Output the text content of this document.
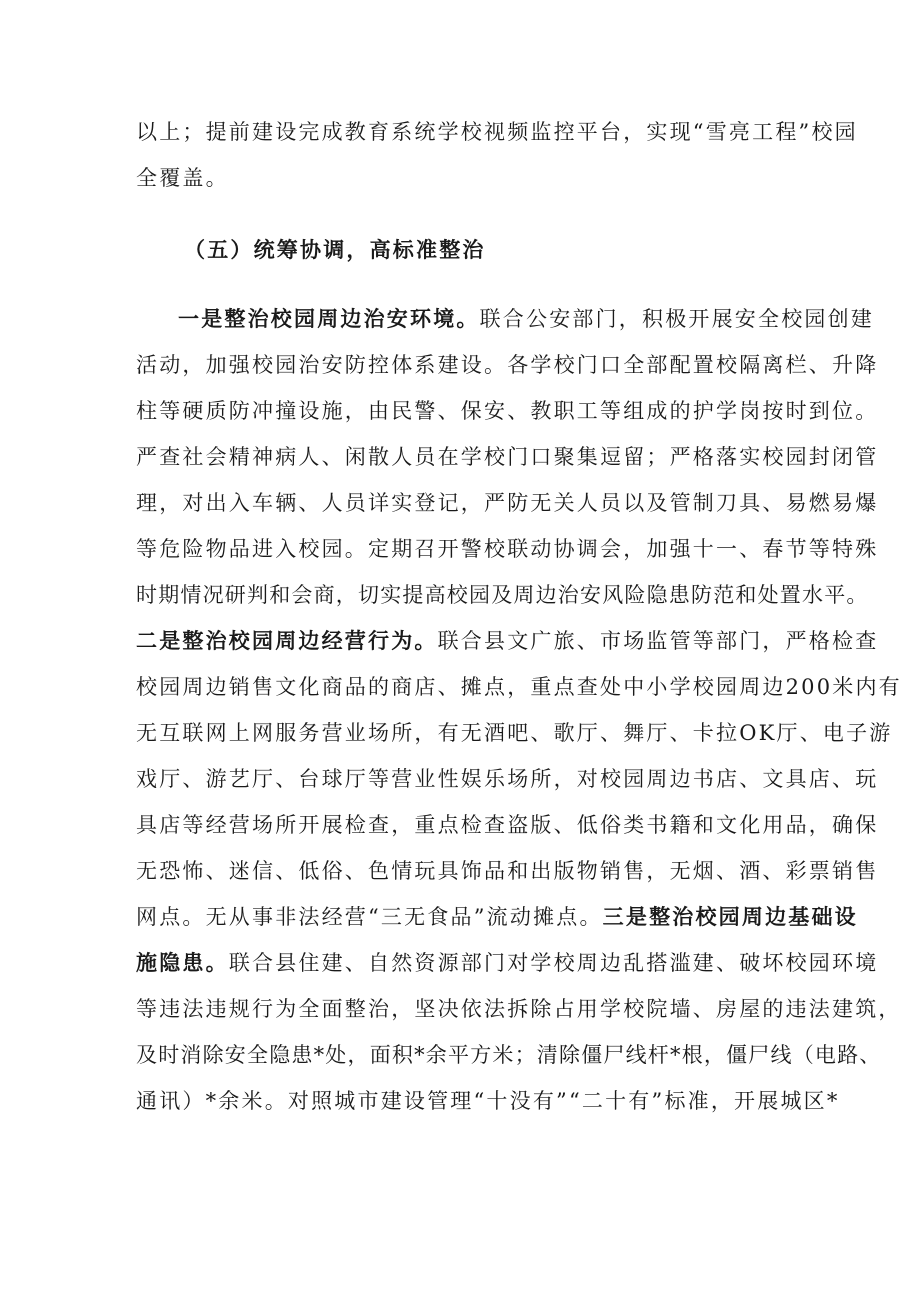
以上；提前建设完成教育系统学校视频监控平台，实现“雪亮工程”校园
全覆盖。
（五）统筹协调，高标准整治
一是整治校园周边治安环境。联合公安部门，积极开展安全校园创建
活动，加强校园治安防控体系建设。各学校门口全部配置校隔离栏、升降
柱等硬质防冲撞设施，由民警、保安、教职工等组成的护学岗按时到位。
严查社会精神病人、闲散人员在学校门口聚集逗留；严格落实校园封闭管
理，对出入车辆、人员详实登记，严防无关人员以及管制刀具、易燃易爆
等危险物品进入校园。定期召开警校联动协调会，加强十一、春节等特殊
时期情况研判和会商，切实提高校园及周边治安风险隐患防范和处置水平。
二是整治校园周边经营行为。联合县文广旅、市场监管等部门，严格检查
校园周边销售文化商品的商店、摊点，重点查处中小学校园周边200米内有
无互联网上网服务营业场所，有无酒吧、歌厅、舞厅、卡拉OK厅、电子游
戏厅、游艺厅、台球厅等营业性娱乐场所，对校园周边书店、文具店、玩
具店等经营场所开展检查，重点检查盗版、低俗类书籍和文化用品，确保
无恐怖、迷信、低俗、色情玩具饰品和出版物销售，无烟、酒、彩票销售
网点。无从事非法经营“三无食品”流动摊点。三是整治校园周边基础设
施隐患。联合县住建、自然资源部门对学校周边乱搭滥建、破坏校园环境
等违法违规行为全面整治，坚决依法拆除占用学校院墙、房屋的违法建筑，
及时消除安全隐患*处，面积*余平方米；清除僵尸线杆*根，僵尸线（电路、
通讯）*余米。对照城市建设管理“十没有”“二十有”标准，开展城区*
